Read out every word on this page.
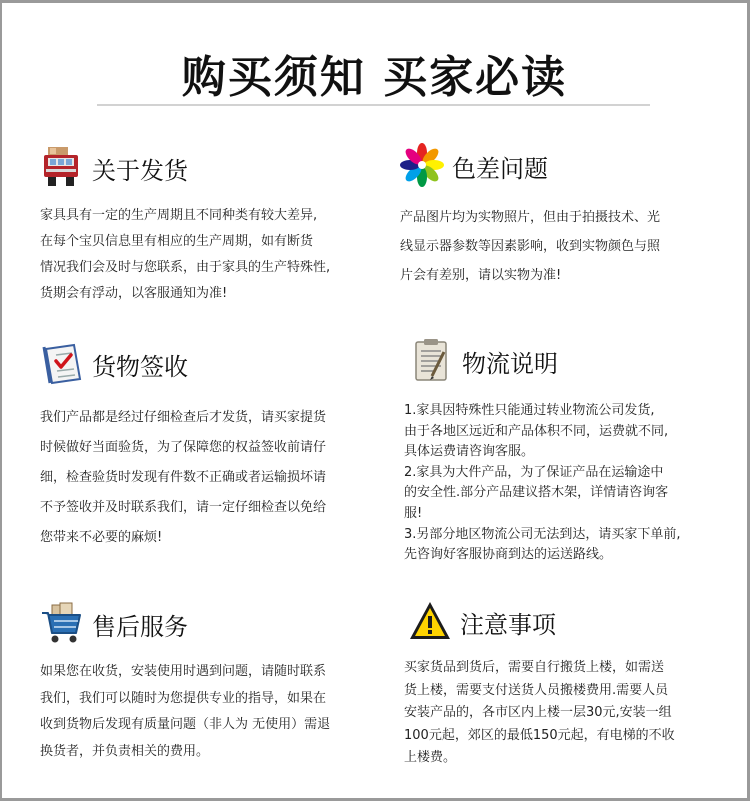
购买须知 买家必读
关于发货
家具具有一定的生产周期且不同种类有较大差异,
在每个宝贝信息里有相应的生产周期，如有断货
情况我们会及时与您联系，由于家具的生产特殊性,
货期会有浮动，以客服通知为准!
色差问题
产品图片均为实物照片，但由于拍摄技术、光
线显示器参数等因素影响，收到实物颜色与照
片会有差别，请以实物为准!
货物签收
我们产品都是经过仔细检查后才发货，请买家提货
时候做好当面验货，为了保障您的权益签收前请仔
细，检查验货时发现有件数不正确或者运输损坏请
不予签收并及时联系我们，请一定仔细检查以免给
您带来不必要的麻烦!
物流说明
1.家具因特殊性只能通过转业物流公司发货,
由于各地区远近和产品体积不同，运费就不同,
具体运费请咨询客服。
2.家具为大件产品，为了保证产品在运输途中
的安全性.部分产品建议搭木架，详情请咨询客
服!
3.另部分地区物流公司无法到达，请买家下单前,
先咨询好客服协商到达的运送路线。
售后服务
如果您在收货，安装使用时遇到问题，请随时联系
我们，我们可以随时为您提供专业的指导，如果在
收到货物后发现有质量问题（非人为 无使用）需退
换货者，并负责相关的费用。
注意事项
买家货品到货后，需要自行搬货上楼，如需送
货上楼，需要支付送货人员搬楼费用.需要人员
安装产品的，各市区内上楼一层30元,安装一组
100元起，郊区的最低150元起，有电梯的不收
上楼费。
